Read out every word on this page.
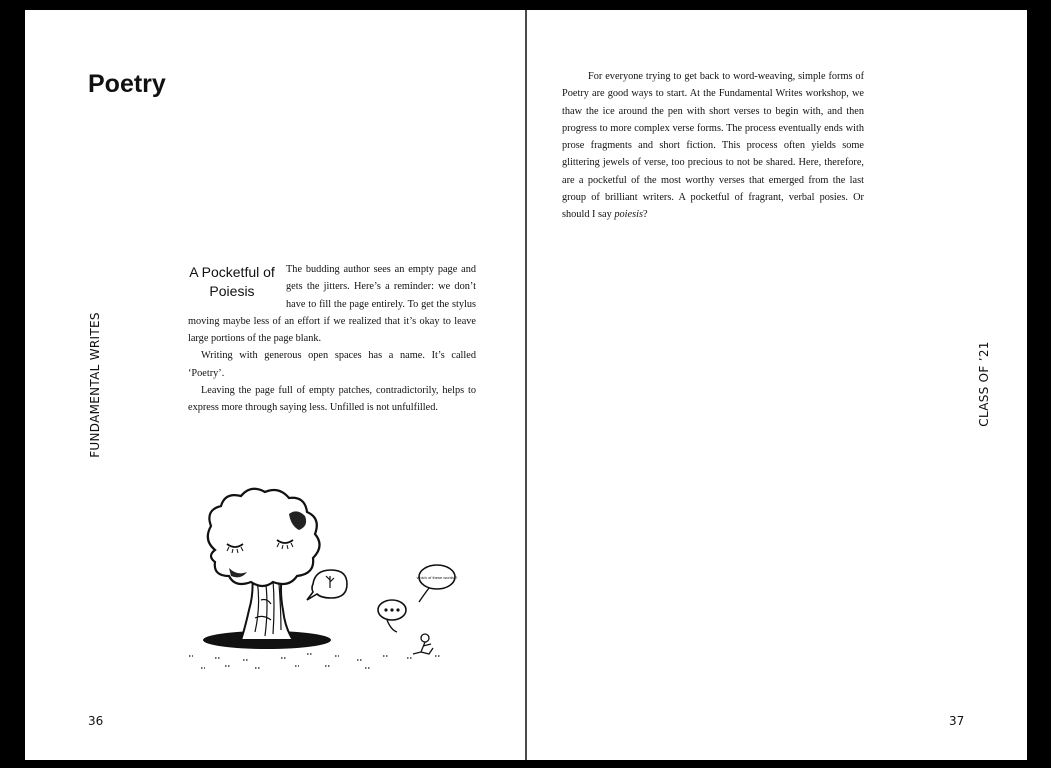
Poetry
FUNDAMENTAL WRITES
A Pocketful of Poiesis

The budding author sees an empty page and gets the jitters. Here’s a reminder: we don’t have to fill the page entirely. To get the stylus moving maybe less of an effort if we realized that it’s okay to leave large portions of the page blank.

Writing with generous open spaces has a name. It’s called ‘Poetry’.

Leaving the page full of empty patches, contradictorily, helps to express more through saying less. Unfilled is not unfulfilled.

which of these words ?
36

For everyone trying to get back to word-weaving, simple forms of Poetry are good ways to start. At the Fundamental Writes workshop, we thaw the ice around the pen with short verses to begin with, and then progress to more complex verse forms. The process eventually ends with prose fragments and short fiction. This process often yields some glittering jewels of verse, too precious to not be shared. Here, therefore, are a pocketful of the most worthy verses that emerged from the last group of brilliant writers. A pocketful of fragrant, verbal posies. Or should I say poiesis?

CLASS OF ’21
37
